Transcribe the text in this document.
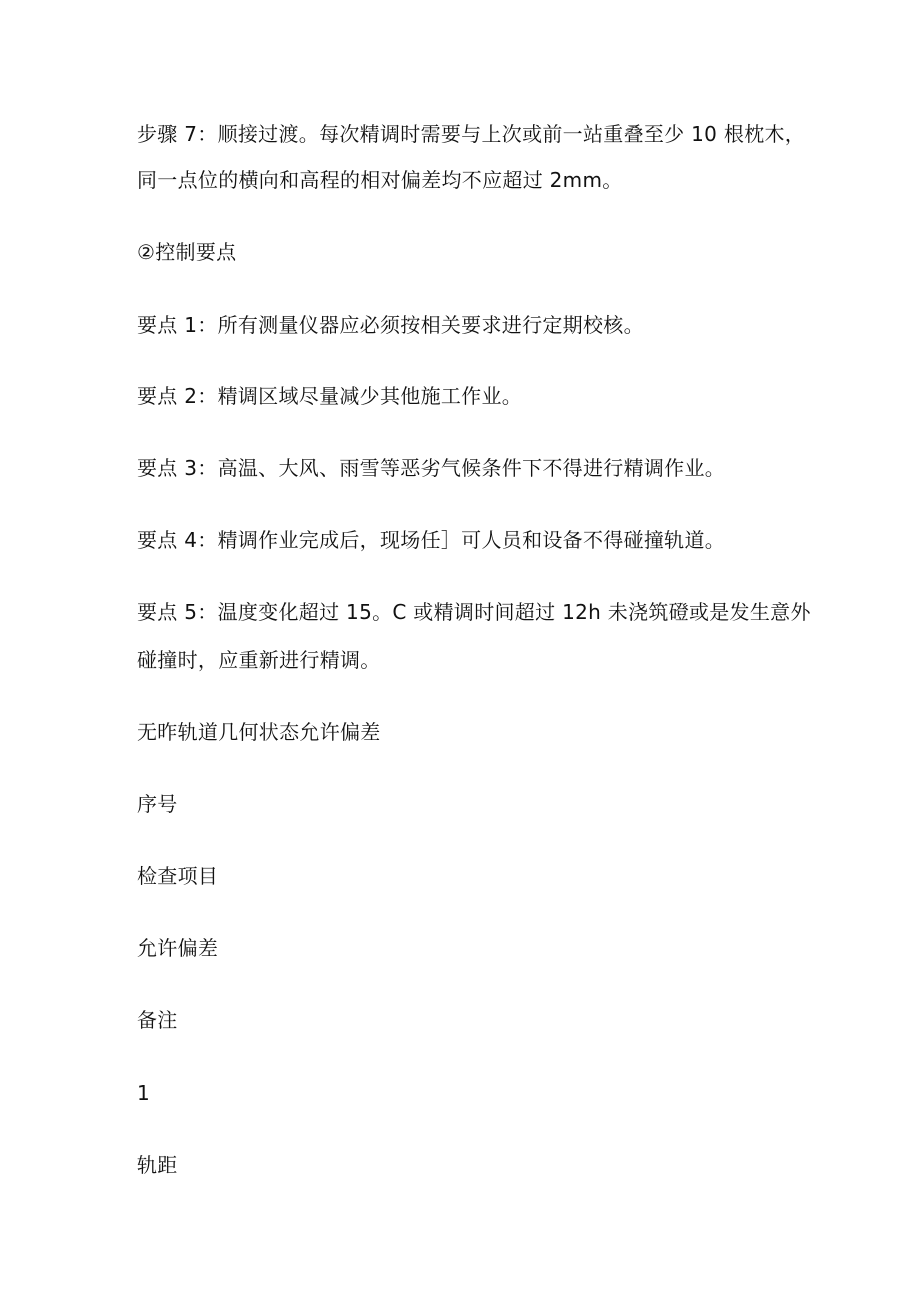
步骤 7：顺接过渡。每次精调时需要与上次或前一站重叠至少 10 根枕木，
同一点位的横向和高程的相对偏差均不应超过 2mm。
②控制要点
要点 1：所有测量仪器应必须按相关要求进行定期校核。
要点 2：精调区域尽量减少其他施工作业。
要点 3：高温、大风、雨雪等恶劣气候条件下不得进行精调作业。
要点 4：精调作业完成后，现场任］可人员和设备不得碰撞轨道。
要点 5：温度变化超过 15。C 或精调时间超过 12h 未浇筑磴或是发生意外
碰撞时，应重新进行精调。
无昨轨道几何状态允许偏差
序号
检查项目
允许偏差
备注
1
轨距
